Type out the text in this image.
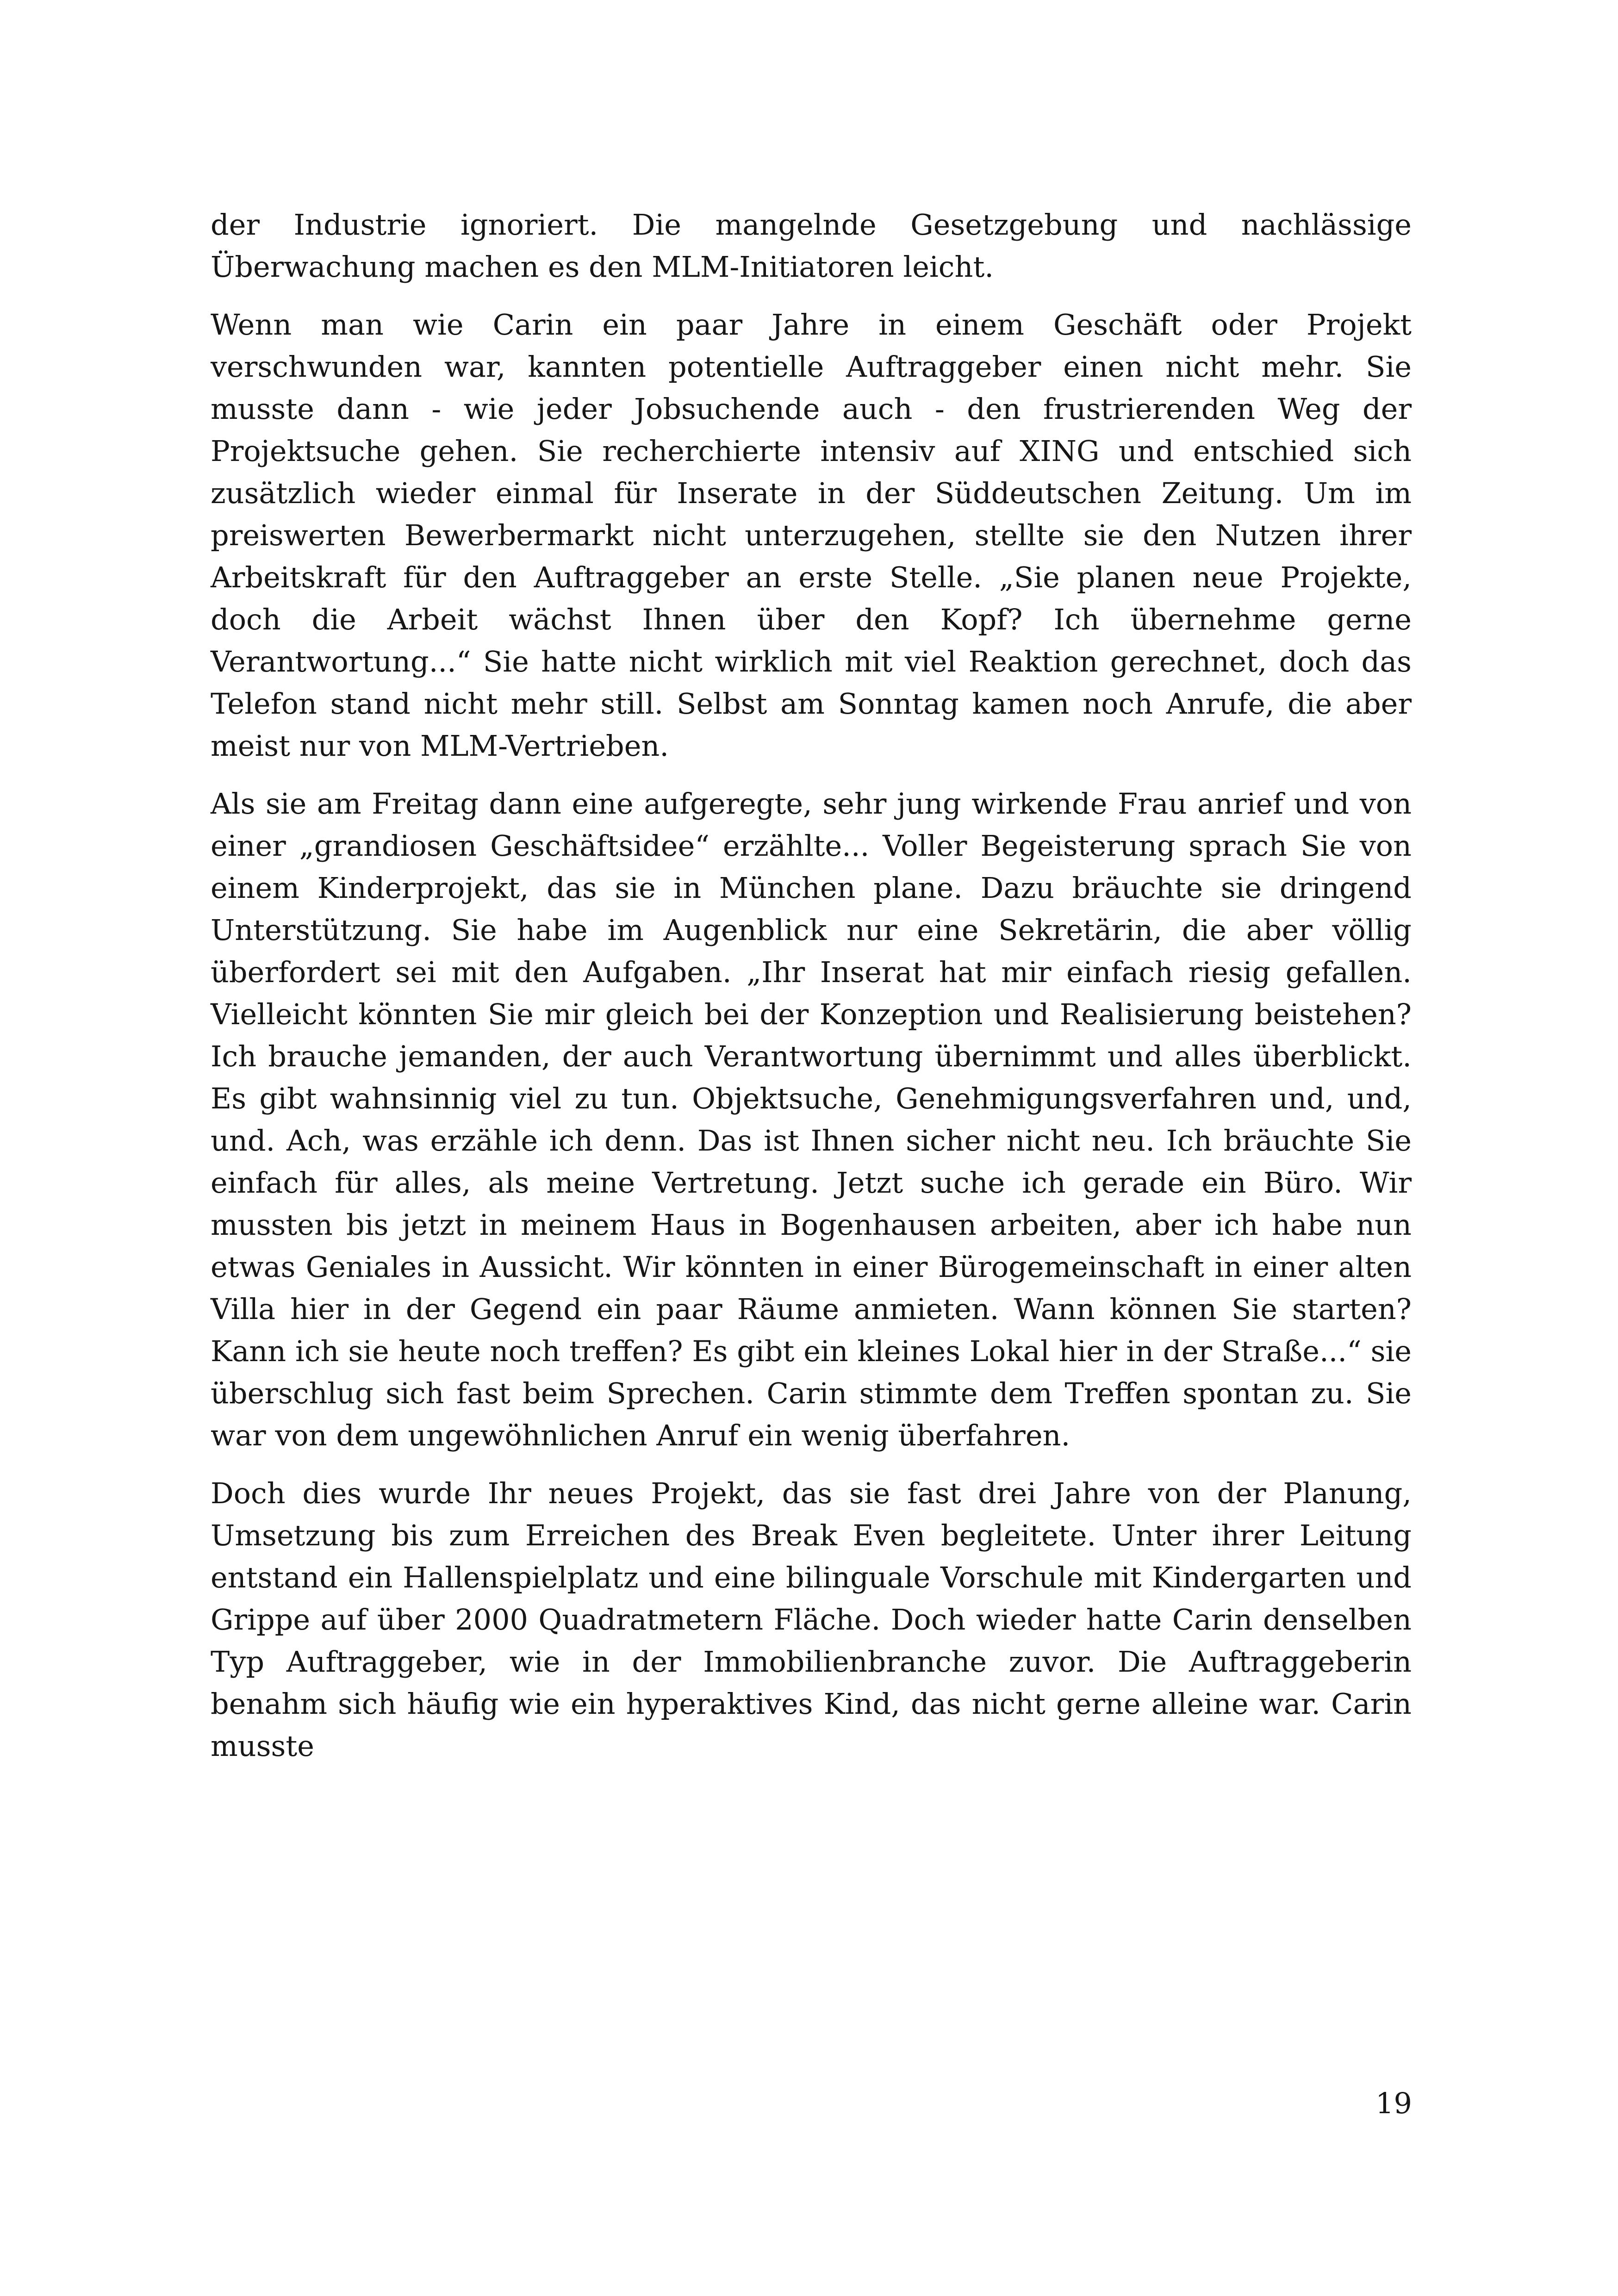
der Industrie ignoriert. Die mangelnde Gesetzgebung und nachlässige Überwachung machen es den MLM-Initiatoren leicht.

Wenn man wie Carin ein paar Jahre in einem Geschäft oder Projekt verschwunden war, kannten potentielle Auftraggeber einen nicht mehr. Sie musste dann - wie jeder Jobsuchende auch - den frustrierenden Weg der Projektsuche gehen. Sie recherchierte intensiv auf XING und entschied sich zusätzlich wieder einmal für Inserate in der Süddeutschen Zeitung. Um im preiswerten Bewerbermarkt nicht unterzugehen, stellte sie den Nutzen ihrer Arbeitskraft für den Auftraggeber an erste Stelle. „Sie planen neue Projekte, doch die Arbeit wächst Ihnen über den Kopf? Ich übernehme gerne Verantwortung...“ Sie hatte nicht wirklich mit viel Reaktion gerechnet, doch das Telefon stand nicht mehr still. Selbst am Sonntag kamen noch Anrufe, die aber meist nur von MLM-Vertrieben.

Als sie am Freitag dann eine aufgeregte, sehr jung wirkende Frau anrief und von einer „grandiosen Geschäftsidee“ erzählte... Voller Begeisterung sprach Sie von einem Kinderprojekt, das sie in München plane. Dazu bräuchte sie dringend Unterstützung. Sie habe im Augenblick nur eine Sekretärin, die aber völlig überfordert sei mit den Aufgaben. „Ihr Inserat hat mir einfach riesig gefallen. Vielleicht könnten Sie mir gleich bei der Konzeption und Realisierung beistehen? Ich brauche jemanden, der auch Verantwortung übernimmt und alles überblickt. Es gibt wahnsinnig viel zu tun. Objektsuche, Genehmigungsverfahren und, und, und. Ach, was erzähle ich denn. Das ist Ihnen sicher nicht neu. Ich bräuchte Sie einfach für alles, als meine Vertretung. Jetzt suche ich gerade ein Büro. Wir mussten bis jetzt in meinem Haus in Bogenhausen arbeiten, aber ich habe nun etwas Geniales in Aussicht. Wir könnten in einer Bürogemeinschaft in einer alten Villa hier in der Gegend ein paar Räume anmieten. Wann können Sie starten? Kann ich sie heute noch treffen? Es gibt ein kleines Lokal hier in der Straße...“ sie überschlug sich fast beim Sprechen. Carin stimmte dem Treffen spontan zu. Sie war von dem ungewöhnlichen Anruf ein wenig überfahren.

Doch dies wurde Ihr neues Projekt, das sie fast drei Jahre von der Planung, Umsetzung bis zum Erreichen des Break Even begleitete. Unter ihrer Leitung entstand ein Hallenspielplatz und eine bilinguale Vorschule mit Kindergarten und Grippe auf über 2000 Quadratmetern Fläche. Doch wieder hatte Carin denselben Typ Auftraggeber, wie in der Immobilienbranche zuvor. Die Auftraggeberin benahm sich häufig wie ein hyperaktives Kind, das nicht gerne alleine war. Carin musste

19
